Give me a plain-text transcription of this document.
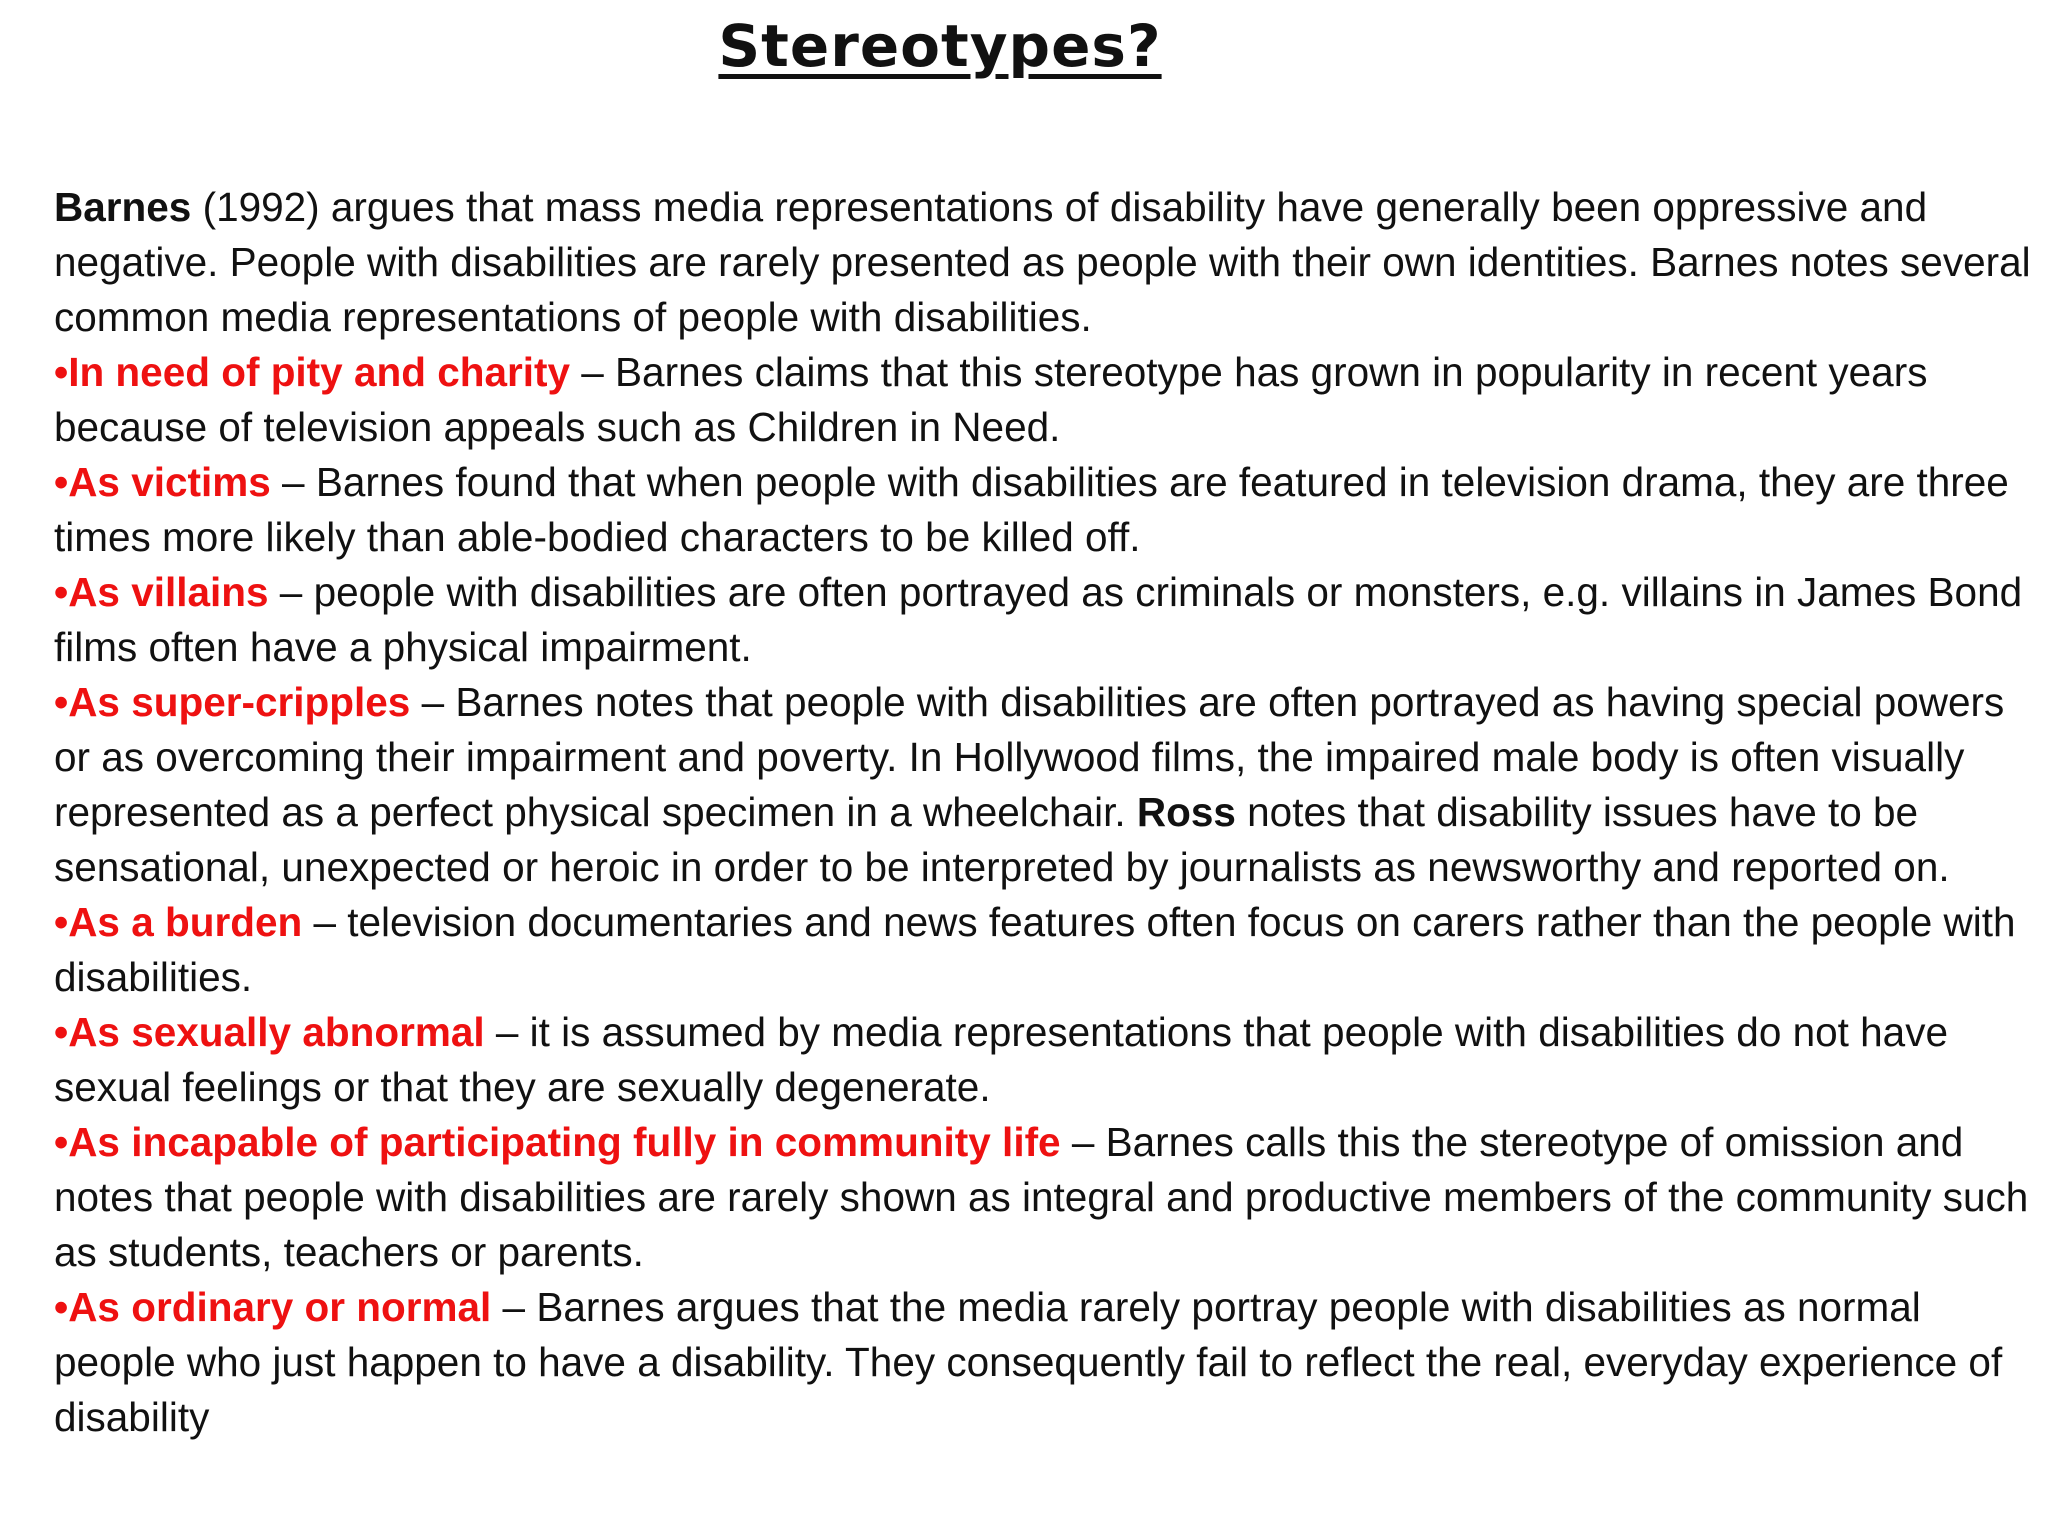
Stereotypes?

Barnes (1992) argues that mass media representations of disability have generally been oppressive and negative. People with disabilities are rarely presented as people with their own identities. Barnes notes several common media representations of people with disabilities.

•In need of pity and charity – Barnes claims that this stereotype has grown in popularity in recent years because of television appeals such as Children in Need.

•As victims – Barnes found that when people with disabilities are featured in television drama, they are three times more likely than able-bodied characters to be killed off.

•As villains – people with disabilities are often portrayed as criminals or monsters, e.g. villains in James Bond films often have a physical impairment.

•As super-cripples – Barnes notes that people with disabilities are often portrayed as having special powers or as overcoming their impairment and poverty. In Hollywood films, the impaired male body is often visually represented as a perfect physical specimen in a wheelchair. Ross notes that disability issues have to be sensational, unexpected or heroic in order to be interpreted by journalists as newsworthy and reported on.

•As a burden – television documentaries and news features often focus on carers rather than the people with disabilities.

•As sexually abnormal – it is assumed by media representations that people with disabilities do not have sexual feelings or that they are sexually degenerate.

•As incapable of participating fully in community life – Barnes calls this the stereotype of omission and notes that people with disabilities are rarely shown as integral and productive members of the community such as students, teachers or parents.

•As ordinary or normal – Barnes argues that the media rarely portray people with disabilities as normal people who just happen to have a disability. They consequently fail to reflect the real, everyday experience of disability
